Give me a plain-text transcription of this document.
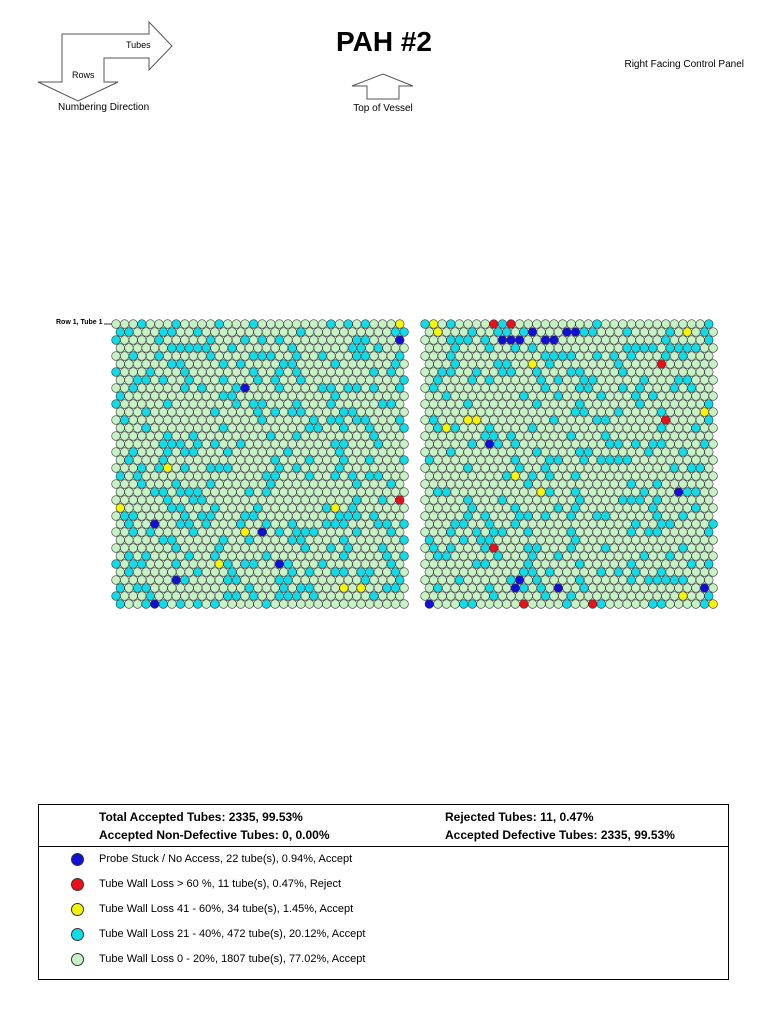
PAH #2
Right Facing Control Panel
Tubes
Rows
Numbering Direction	Top of Vessel
Row 1, Tube 1
Total Accepted Tubes: 2335, 99.53%	Rejected Tubes: 11, 0.47%
Accepted Non-Defective Tubes: 0, 0.00%	Accepted Defective Tubes: 2335, 99.53%
Probe Stuck / No Access, 22 tube(s), 0.94%, Accept
Tube Wall Loss > 60 %, 11 tube(s), 0.47%, Reject
Tube Wall Loss 41 - 60%, 34 tube(s), 1.45%, Accept
Tube Wall Loss 21 - 40%, 472 tube(s), 20.12%, Accept
Tube Wall Loss 0 - 20%, 1807 tube(s), 77.02%, Accept
